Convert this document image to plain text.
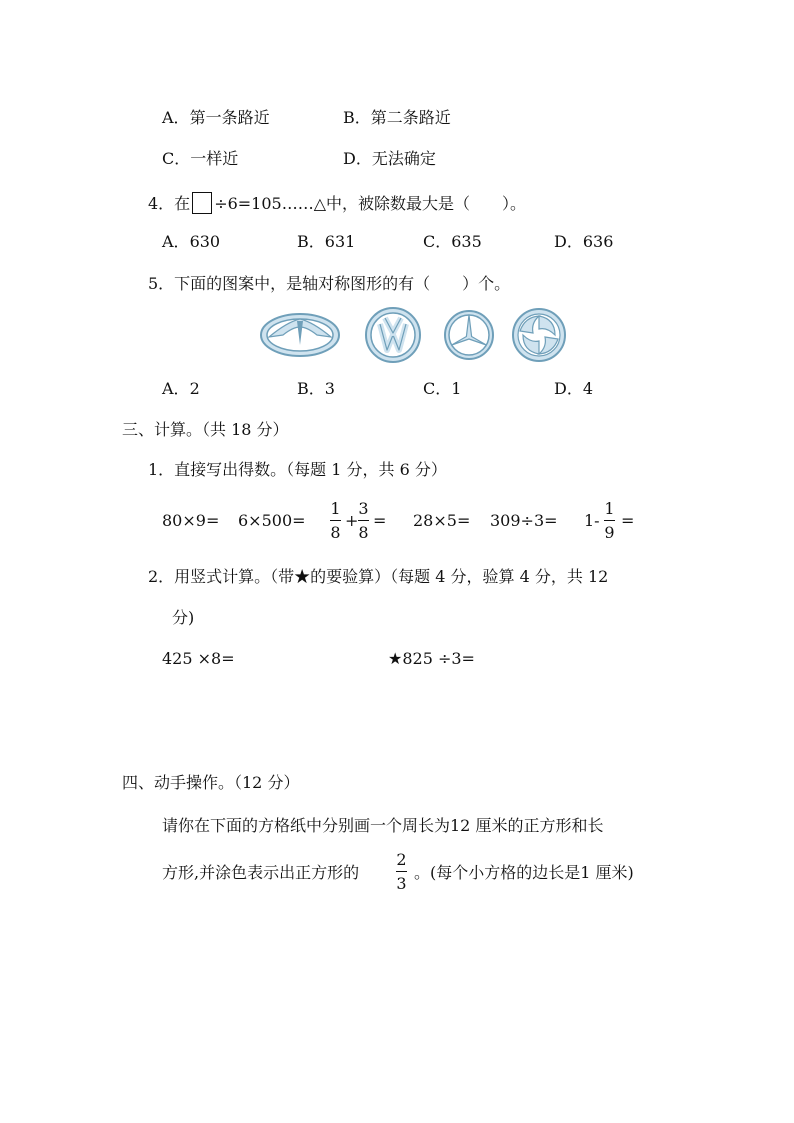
A．第一条路近	B．第二条路近
C．一样近	D．无法确定
4．在 ÷6=105……△中，被除数最大是（　　）。
A．630	B．631	C．635	D．636
5．下面的图案中，是轴对称图形的有（　　）个。
A．2	B．3	C．1	D．4
三、计算。（共 18 分）
1．直接写出得数。（每题 1 分，共 6 分）
80×9= 6×500=
1
8
+
3
8
= 28×5= 309÷3= 1-
1
9
=
2．用竖式计算。（带★的要验算）（每题 4 分，验算 4 分，共 12
分)
425 ×8=	★825 ÷3=
四、动手操作。（12 分）
请你在下面的方格纸中分别画一个周长为12 厘米的正方形和长
方形,并涂色表示出正方形的
2
3
。(每个小方格的边长是1 厘米)
